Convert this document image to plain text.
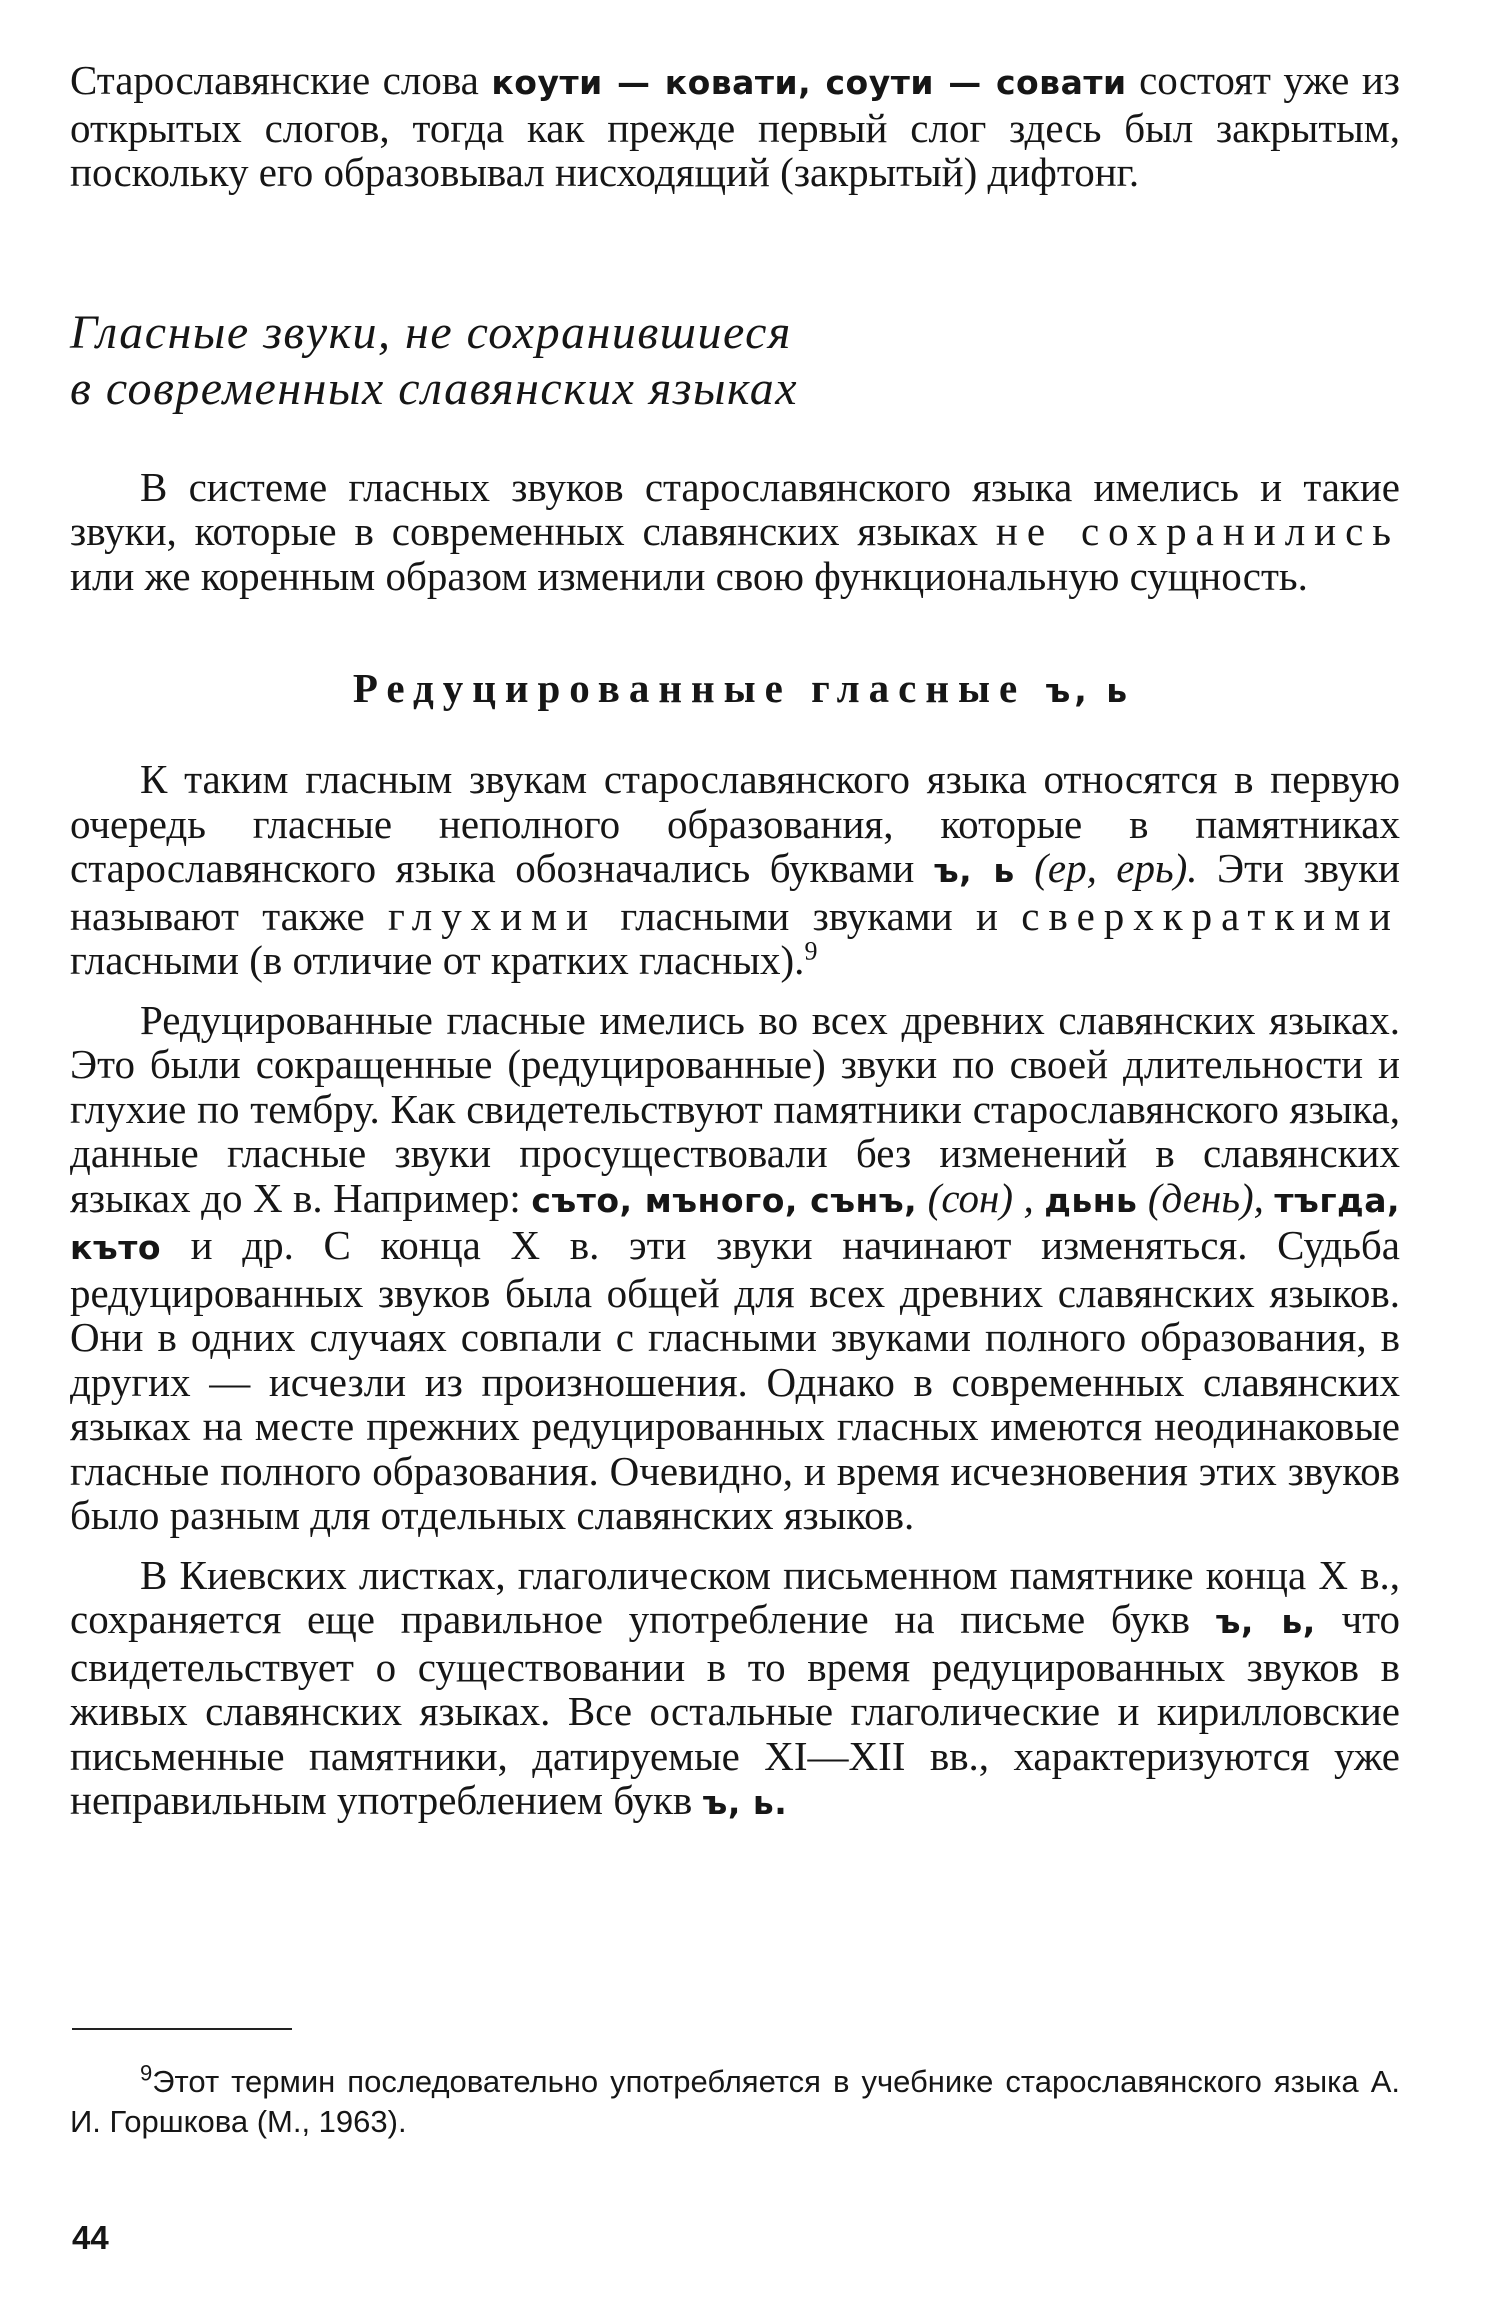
Старославянские слова коути — ковати, соути — совати состоят уже из открытых слогов, тогда как прежде первый слог здесь был закрытым, поскольку его образовывал нисходящий (закрытый) дифтонг.

Гласные звуки, не сохранившиеся
в современных славянских языках

В системе гласных звуков старославянского языка имелись и такие звуки, которые в современных славянских языках не сохранились или же коренным образом изменили свою функциональную сущность.

Редуцированные гласные ъ, ь

К таким гласным звукам старославянского языка относятся в первую очередь гласные неполного образования, которые в памятниках старославянского языка обозначались буквами ъ, ь (ер, ерь). Эти звуки называют также глухими гласными звуками и сверхкраткими гласными (в отличие от кратких гласных).$^9$

Редуцированные гласные имелись во всех древних славянских языках. Это были сокращенные (редуцированные) звуки по своей длительности и глухие по тембру. Как свидетельствуют памятники старославянского языка, данные гласные звуки просуществовали без изменений в славянских языках до X в. Например: съто, мъного, сънъ, (сон) , дьнь (день), тъгда, къто и др. С конца X в. эти звуки начинают изменяться. Судьба редуцированных звуков была общей для всех древних славянских языков. Они в одних случаях совпали с гласными звуками полного образования, в других — исчезли из произношения. Однако в современных славянских языках на месте прежних редуцированных гласных имеются неодинаковые гласные полного образования. Очевидно, и время исчезновения этих звуков было разным для отдельных славянских языков.

В Киевских листках, глаголическом письменном памятнике конца X в., сохраняется еще правильное употребление на письме букв ъ, ь, что свидетельствует о существовании в то время редуцированных звуков в живых славянских языках. Все остальные глаголические и кирилловские письменные памятники, датируемые XI—XII вв., характеризуются уже неправильным употреблением букв ъ, ь.

$^9$Этот термин последовательно употребляется в учебнике старославянского языка А. И. Горшкова (М., 1963).

44
